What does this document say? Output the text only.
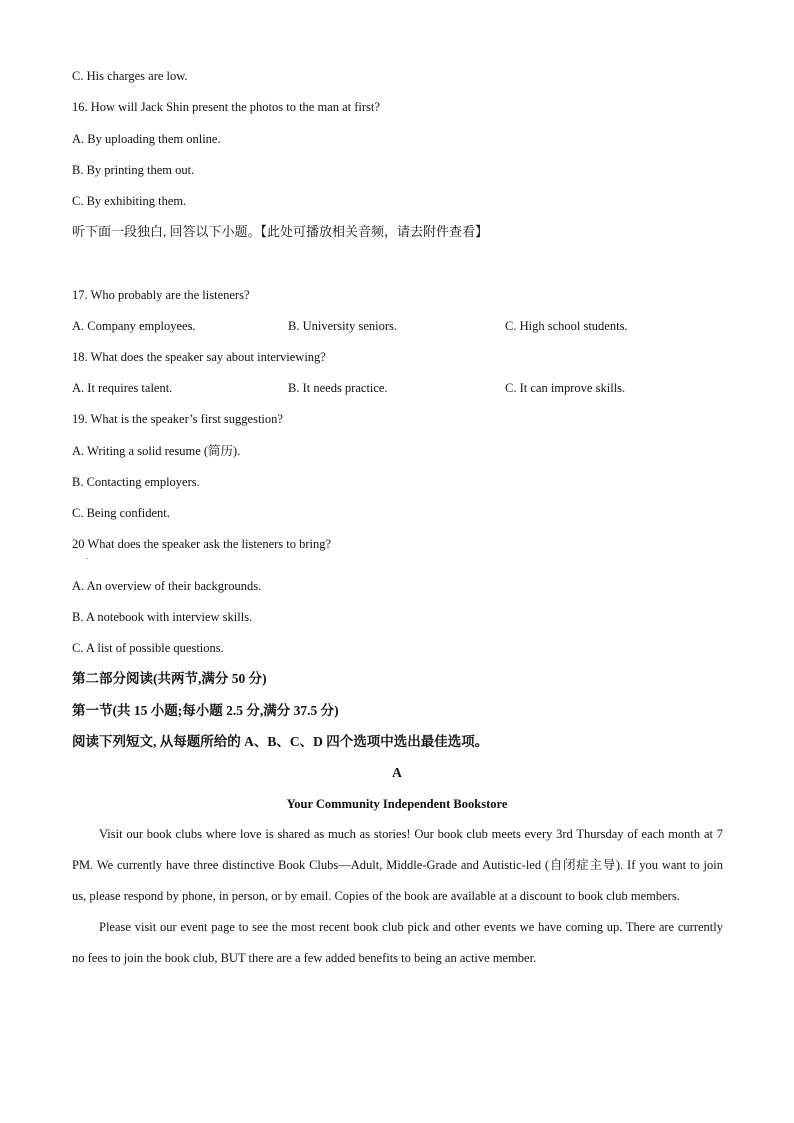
C. His charges are low.
16. How will Jack Shin present the photos to the man at first?
A. By uploading them online.
B. By printing them out.
C. By exhibiting them.
听下面一段独白, 回答以下小题。【此处可播放相关音频，请去附件查看】
17. Who probably are the listeners?
A. Company employees.	B. University seniors.	C. High school students.
18. What does the speaker say about interviewing?
A. It requires talent.	B. It needs practice.	C. It can improve skills.
19. What is the speaker’s first suggestion?
A. Writing a solid resume (简历).
B. Contacting employers.
C. Being confident.
20 What does the speaker ask the listeners to bring?
.
A. An overview of their backgrounds.
B. A notebook with interview skills.
C. A list of possible questions.
第二部分阅读(共两节,满分 50 分)
第一节(共 15 小题;每小题 2.5 分,满分 37.5 分)
阅读下列短文, 从每题所给的 A、B、C、D 四个选项中选出最佳选项。
A
Your Community Independent Bookstore

Visit our book clubs where love is shared as much as stories! Our book club meets every 3rd Thursday of each month at 7 PM. We currently have three distinctive Book Clubs—Adult, Middle-Grade and Autistic-led (自闭症主导). If you want to join us, please respond by phone, in person, or by email. Copies of the book are available at a discount to book club members.

Please visit our event page to see the most recent book club pick and other events we have coming up. There are currently no fees to join the book club, BUT there are a few added benefits to being an active member.
